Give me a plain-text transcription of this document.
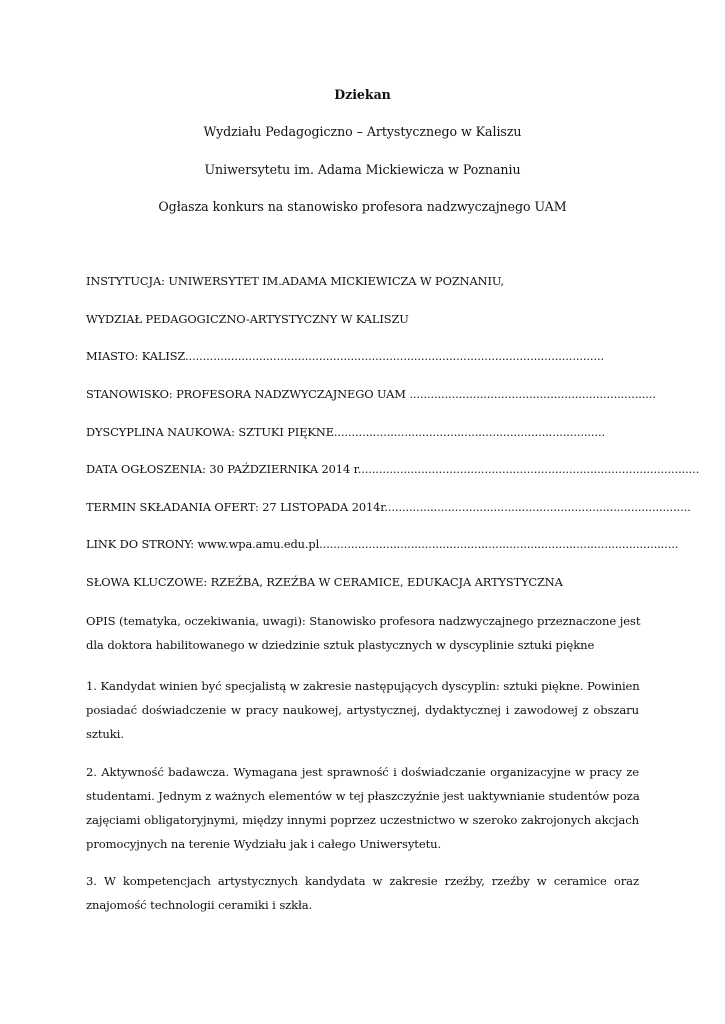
Dziekan
Wydziału Pedagogiczno – Artystycznego w Kaliszu
Uniwersytetu im. Adama Mickiewicza w Poznaniu
Ogłasza konkurs na stanowisko profesora nadzwyczajnego UAM
INSTYTUCJA: UNIWERSYTET IM.ADAMA MICKIEWICZA W POZNANIU,
WYDZIAŁ PEDAGOGICZNO-ARTYSTYCZNY W KALISZU
MIASTO: KALISZ.......................................................................................................................
STANOWISKO: PROFESORA NADZWYCZAJNEGO UAM ......................................................................
DYSCYPLINA NAUKOWA: SZTUKI PIĘKNE.............................................................................
DATA OGŁOSZENIA: 30 PAŹDZIERNIKA 2014 r.................................................................................................
TERMIN SKŁADANIA OFERT: 27 LISTOPADA 2014r.......................................................................................
LINK DO STRONY: www.wpa.amu.edu.pl......................................................................................................
SŁOWA KLUCZOWE: RZEŹBA, RZEŹBA W CERAMICE, EDUKACJA ARTYSTYCZNA
OPIS (tematyka, oczekiwania, uwagi): Stanowisko profesora nadzwyczajnego przeznaczone jest
dla doktora habilitowanego w dziedzinie sztuk plastycznych w dyscyplinie sztuki piękne
1. Kandydat winien być specjalistą w zakresie następujących dyscyplin: sztuki piękne. Powinien
posiadać doświadczenie w pracy naukowej, artystycznej, dydaktycznej i zawodowej z obszaru
sztuki.
2. Aktywność badawcza. Wymagana jest sprawność i doświadczanie organizacyjne w pracy ze
studentami. Jednym z ważnych elementów w tej płaszczyźnie jest uaktywnianie studentów poza
zajęciami obligatoryjnymi, między innymi poprzez uczestnictwo w szeroko zakrojonych akcjach
promocyjnych na terenie Wydziału jak i całego Uniwersytetu.
3. W kompetencjach artystycznych kandydata w zakresie rzeźby, rzeźby w ceramice oraz
znajomość technologii ceramiki i szkła.
